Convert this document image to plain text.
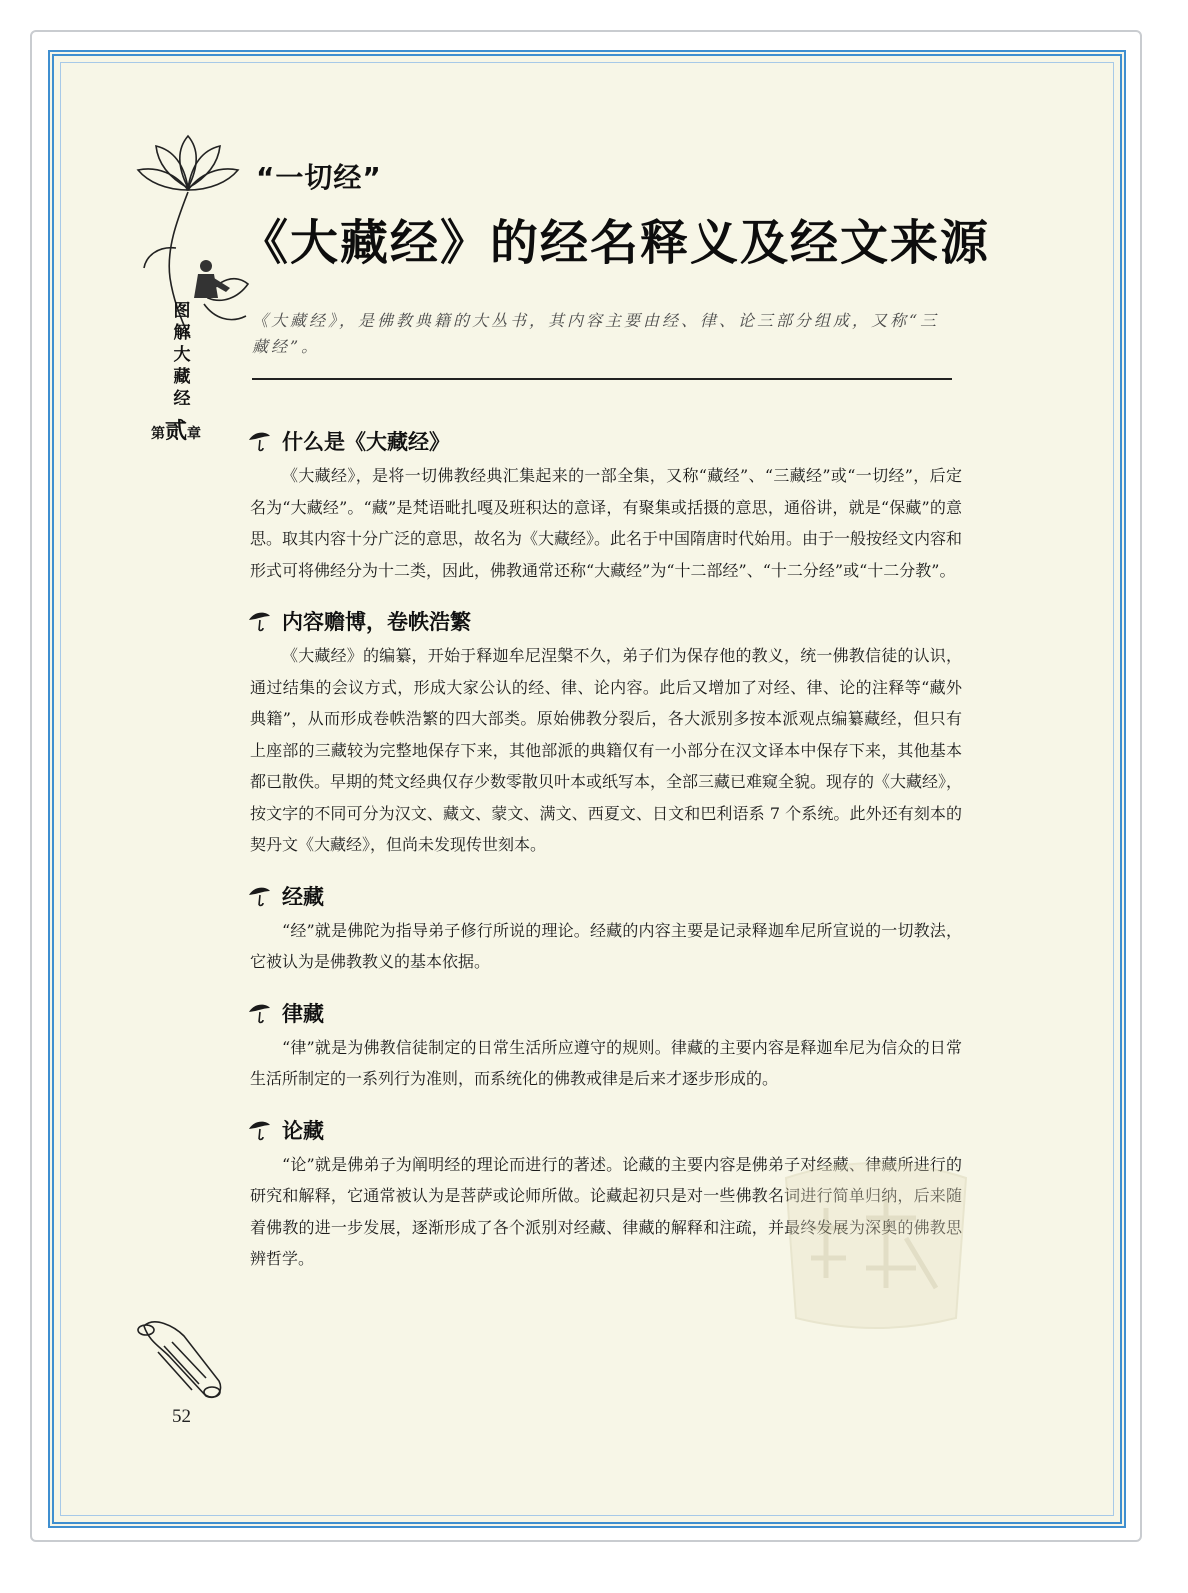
图
解
大
藏
经
第贰章
“一切经”
《大藏经》的经名释义及经文来源
《大藏经》，是佛教典籍的大丛书，其内容主要由经、律、论三部分组成，又称“三藏经”。
什么是《大藏经》

《大藏经》，是将一切佛教经典汇集起来的一部全集，又称“藏经”、“三藏经”或“一切经”，后定名为“大藏经”。“藏”是梵语毗扎嘎及班积达的意译，有聚集或括摄的意思，通俗讲，就是“保藏”的意思。取其内容十分广泛的意思，故名为《大藏经》。此名于中国隋唐时代始用。由于一般按经文内容和形式可将佛经分为十二类，因此，佛教通常还称“大藏经”为“十二部经”、“十二分经”或“十二分教”。

内容赡博，卷帙浩繁

《大藏经》的编纂，开始于释迦牟尼涅槃不久，弟子们为保存他的教义，统一佛教信徒的认识，通过结集的会议方式，形成大家公认的经、律、论内容。此后又增加了对经、律、论的注释等“藏外典籍”，从而形成卷帙浩繁的四大部类。原始佛教分裂后，各大派别多按本派观点编纂藏经，但只有上座部的三藏较为完整地保存下来，其他部派的典籍仅有一小部分在汉文译本中保存下来，其他基本都已散佚。早期的梵文经典仅存少数零散贝叶本或纸写本，全部三藏已难窥全貌。现存的《大藏经》，按文字的不同可分为汉文、藏文、蒙文、满文、西夏文、日文和巴利语系 7 个系统。此外还有刻本的契丹文《大藏经》，但尚未发现传世刻本。

经藏

“经”就是佛陀为指导弟子修行所说的理论。经藏的内容主要是记录释迦牟尼所宣说的一切教法，它被认为是佛教教义的基本依据。

律藏

“律”就是为佛教信徒制定的日常生活所应遵守的规则。律藏的主要内容是释迦牟尼为信众的日常生活所制定的一系列行为准则，而系统化的佛教戒律是后来才逐步形成的。

论藏

“论”就是佛弟子为阐明经的理论而进行的著述。论藏的主要内容是佛弟子对经藏、律藏所进行的研究和解释，它通常被认为是菩萨或论师所做。论藏起初只是对一些佛教名词进行简单归纳，后来随着佛教的进一步发展，逐渐形成了各个派别对经藏、律藏的解释和注疏，并最终发展为深奥的佛教思辨哲学。

52
